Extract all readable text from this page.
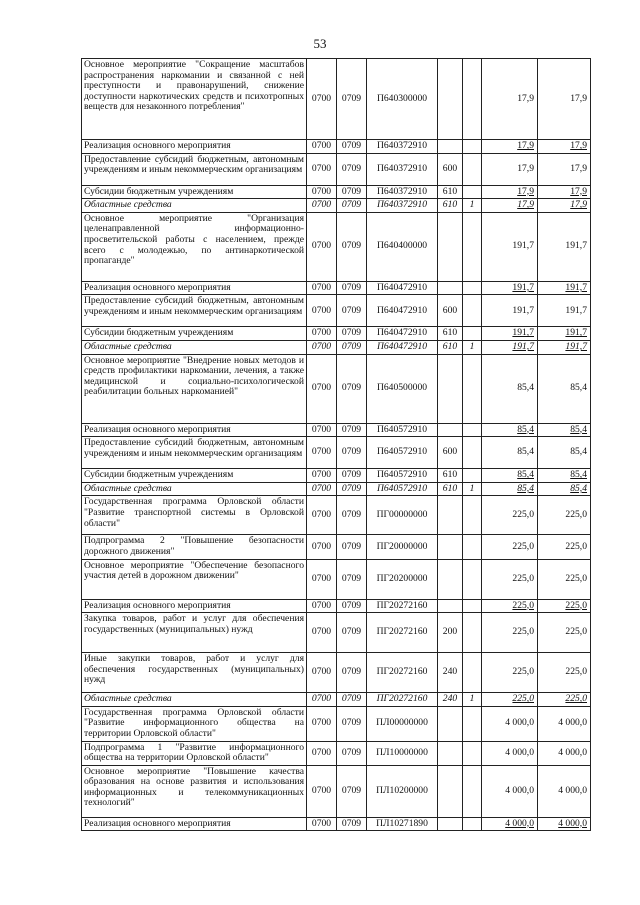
53
Основное мероприятие "Сокращение масштабов распространения наркомании и связанной с ней преступности и правонарушений, снижение доступности наркотических средств и психотропных веществ для незаконного потребления"	0700	0709	П640300000			17,9	17,9
Реализация основного мероприятия	0700	0709	П640372910			17,9	17,9
Предоставление субсидий бюджетным, автономным учреждениям и иным некоммерческим организациям	0700	0709	П640372910	600		17,9	17,9
Субсидии бюджетным учреждениям	0700	0709	П640372910	610		17,9	17,9
Областные средства	0700	0709	П640372910	610	1	17,9	17,9
Основное мероприятие "Организация целенаправленной информационно-просветительской работы с населением, прежде всего с молодежью, по антинаркотической пропаганде"	0700	0709	П640400000			191,7	191,7
Реализация основного мероприятия	0700	0709	П640472910			191,7	191,7
Предоставление субсидий бюджетным, автономным учреждениям и иным некоммерческим организациям	0700	0709	П640472910	600		191,7	191,7
Субсидии бюджетным учреждениям	0700	0709	П640472910	610		191,7	191,7
Областные средства	0700	0709	П640472910	610	1	191,7	191,7
Основное мероприятие "Внедрение новых методов и средств профилактики наркомании, лечения, а также медицинской и социально-психологической реабилитации больных наркоманией"	0700	0709	П640500000			85,4	85,4
Реализация основного мероприятия	0700	0709	П640572910			85,4	85,4
Предоставление субсидий бюджетным, автономным учреждениям и иным некоммерческим организациям	0700	0709	П640572910	600		85,4	85,4
Субсидии бюджетным учреждениям	0700	0709	П640572910	610		85,4	85,4
Областные средства	0700	0709	П640572910	610	1	85,4	85,4
Государственная программа Орловской области "Развитие транспортной системы в Орловской области"	0700	0709	ПГ00000000			225,0	225,0
Подпрограмма 2 "Повышение безопасности дорожного движения"	0700	0709	ПГ20000000			225,0	225,0
Основное мероприятие "Обеспечение безопасного участия детей в дорожном движении"	0700	0709	ПГ20200000			225,0	225,0
Реализация основного мероприятия	0700	0709	ПГ20272160			225,0	225,0
Закупка товаров, работ и услуг для обеспечения государственных (муниципальных) нужд	0700	0709	ПГ20272160	200		225,0	225,0
Иные закупки товаров, работ и услуг для обеспечения государственных (муниципальных) нужд	0700	0709	ПГ20272160	240		225,0	225,0
Областные средства	0700	0709	ПГ20272160	240	1	225,0	225,0
Государственная программа Орловской области "Развитие информационного общества на территории Орловской области"	0700	0709	ПЛ00000000			4 000,0	4 000,0
Подпрограмма 1 "Развитие информационного общества на территории Орловской области"	0700	0709	ПЛ10000000			4 000,0	4 000,0
Основное мероприятие "Повышение качества образования на основе развития и использования информационных и телекоммуникационных технологий"	0700	0709	ПЛ10200000			4 000,0	4 000,0
Реализация основного мероприятия	0700	0709	ПЛ10271890			4 000,0	4 000,0
